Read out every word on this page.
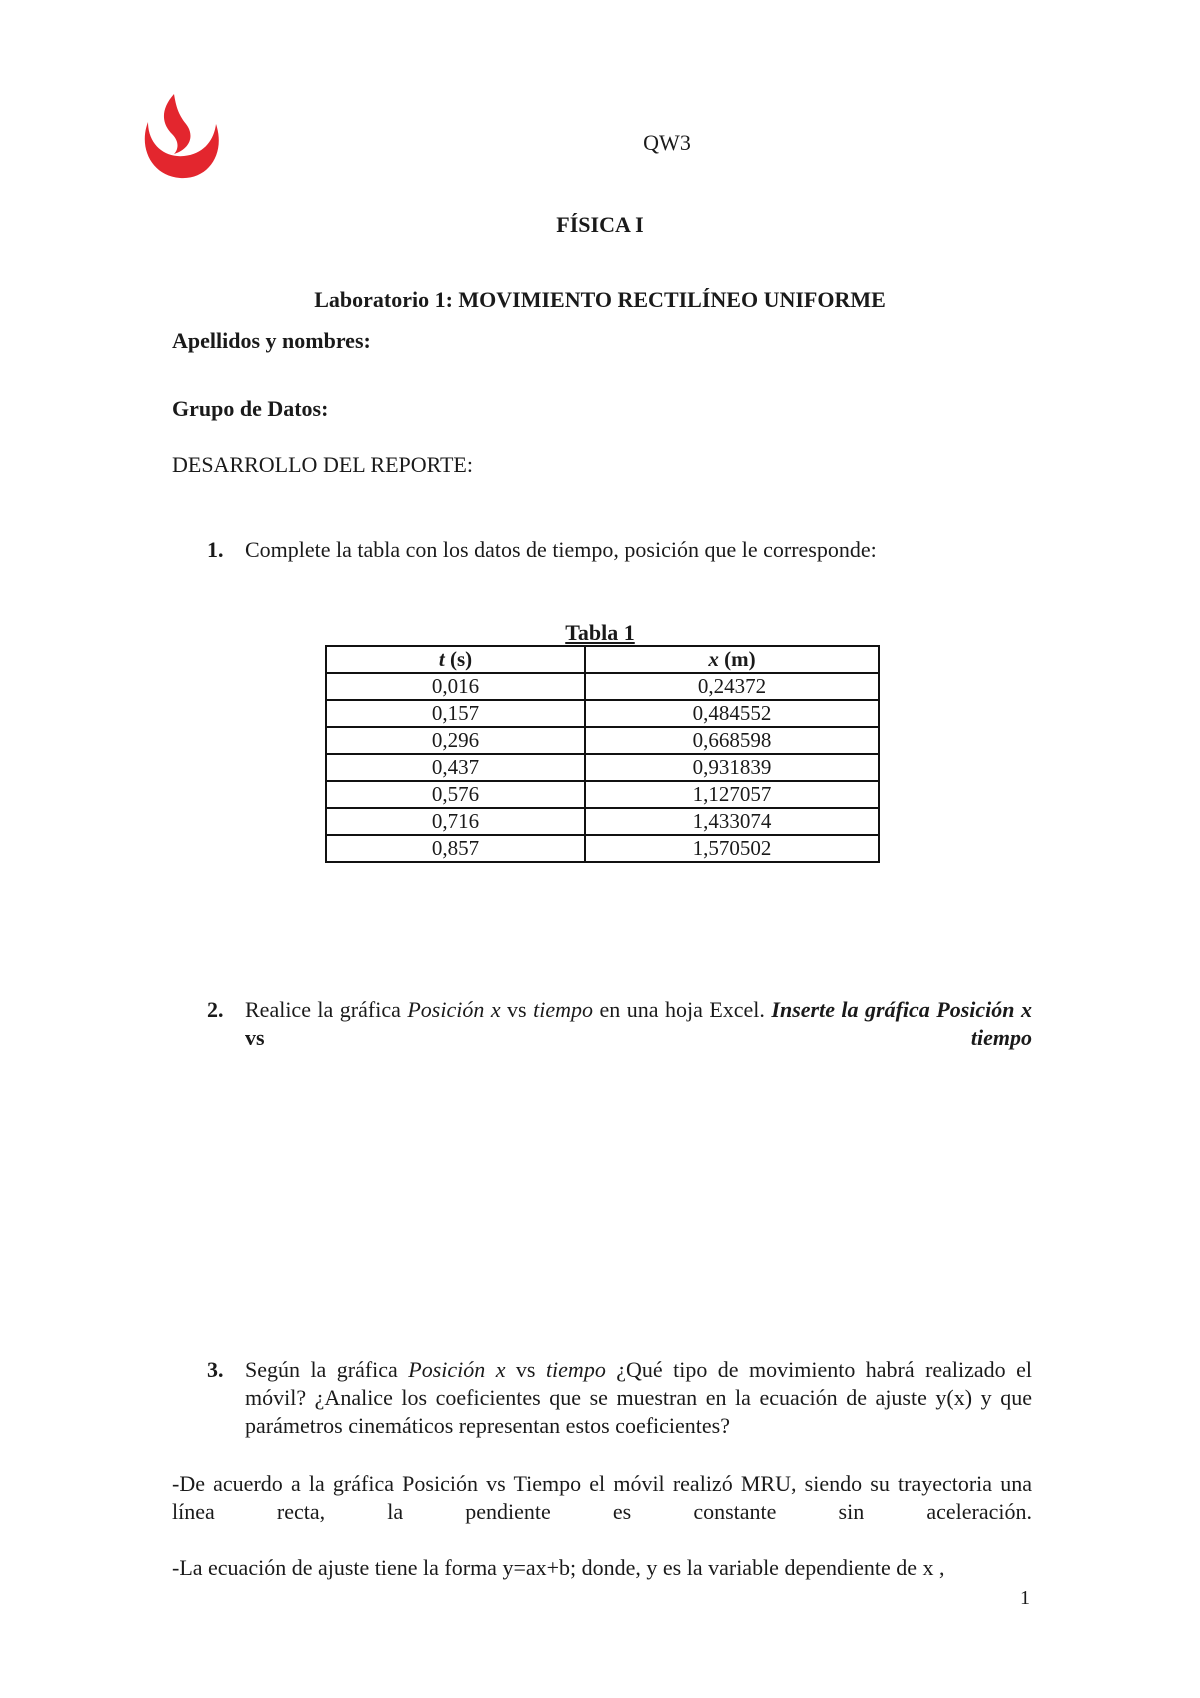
QW3
FÍSICA I
Laboratorio 1: MOVIMIENTO RECTILÍNEO UNIFORME
Apellidos y nombres:
Grupo de Datos:
DESARROLLO DEL REPORTE:
1. Complete la tabla con los datos de tiempo, posición que le corresponde:
Tabla 1
t (s)	x (m)
0,016	0,24372
0,157	0,484552
0,296	0,668598
0,437	0,931839
0,576	1,127057
0,716	1,433074
0,857	1,570502
2. Realice la gráfica Posición x vs tiempo en una hoja Excel. Inserte la gráfica Posición x vs tiempo
3. Según la gráfica Posición x vs tiempo ¿Qué tipo de movimiento habrá realizado el móvil? ¿Analice los coeficientes que se muestran en la ecuación de ajuste y(x) y que parámetros cinemáticos representan estos coeficientes?
-De acuerdo a la gráfica Posición vs Tiempo el móvil realizó MRU, siendo su trayectoria una línea recta, la pendiente es constante sin aceleración.
-La ecuación de ajuste tiene la forma y=ax+b; donde, y es la variable dependiente de x ,
1
